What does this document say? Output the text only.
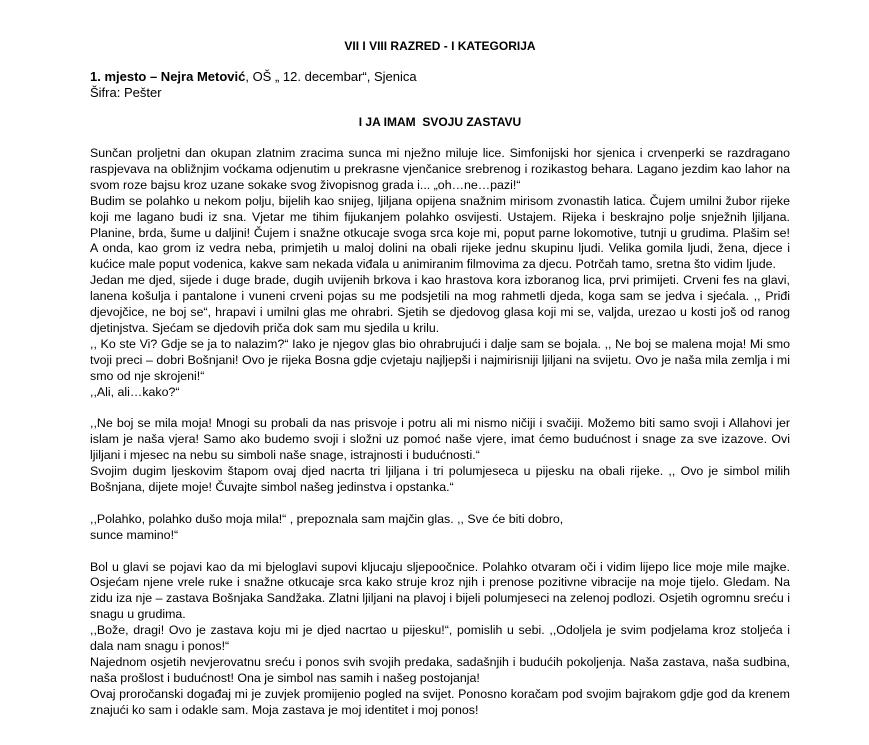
VII I VIII RAZRED - I KATEGORIJA
1. mjesto – Nejra Metović, OŠ „ 12. decembar“, Sjenica
Šifra: Pešter
I JA IMAM  SVOJU ZASTAVU

Sunčan proljetni dan okupan zlatnim zracima sunca mi nježno miluje lice. Simfonijski hor sjenica i crvenperki se razdragano raspjevava na obližnjim voćkama odjenutim u prekrasne vjenčanice srebrenog i rozikastog behara. Lagano jezdim kao lahor na svom roze bajsu kroz uzane sokake svog živopisnog grada i... „oh…ne…pazi!“

Budim se polahko u nekom polju, bijelih kao snijeg, ljiljana opijena snažnim mirisom zvonastih latica. Čujem umilni žubor rijeke koji me lagano budi iz sna. Vjetar me tihim fijukanjem polahko osvijesti. Ustajem. Rijeka i beskrajno polje snježnih ljiljana. Planine, brda, šume u daljini! Čujem i snažne otkucaje svoga srca koje mi, poput parne lokomotive, tutnji u grudima. Plašim se! A onda, kao grom iz vedra neba, primjetih u maloj dolini na obali rijeke jednu skupinu ljudi. Velika gomila ljudi, žena, djece i kućice male poput vodenica, kakve sam nekada viđala u animiranim filmovima za djecu. Potrčah tamo, sretna što vidim ljude.

Jedan me djed, sijede i duge brade, dugih uvijenih brkova i kao hrastova kora izboranog lica, prvi primijeti. Crveni fes na glavi, lanena košulja i pantalone i vuneni crveni pojas su me podsjetili na mog rahmetli djeda, koga sam se jedva i sjećala. ,, Priđi djevojčice, ne boj se“, hrapavi i umilni glas me ohrabri. Sjetih se djedovog glasa koji mi se, valjda, urezao u kosti još od ranog djetinjstva. Sjećam se djedovih priča dok sam mu sjedila u krilu.

,, Ko ste Vi? Gdje se ja to nalazim?“ Iako je njegov glas bio ohrabrujući i dalje sam se bojala. ,, Ne boj se malena moja! Mi smo tvoji preci – dobri Bošnjani! Ovo je rijeka Bosna gdje cvjetaju najljepši i najmirisniji ljiljani na svijetu. Ovo je naša mila zemlja i mi smo od nje skrojeni!“

,,Ali, ali…kako?“

,,Ne boj se mila moja! Mnogi su probali da nas prisvoje i potru ali mi nismo ničiji i svačiji. Možemo biti samo svoji i Allahovi jer islam je naša vjera! Samo ako budemo svoji i složni uz pomoć naše vjere, imat ćemo budućnost i snage za sve izazove. Ovi ljiljani i mjesec na nebu su simboli naše snage, istrajnosti i budućnosti.“

Svojim dugim ljeskovim štapom ovaj djed nacrta tri ljiljana i tri polumjeseca u pijesku na obali rijeke. ,, Ovo je simbol milih Bošnjana, dijete moje! Čuvajte simbol našeg jedinstva i opstanka.“

,,Polahko, polahko dušo moja mila!“ , prepoznala sam majčin glas. ,, Sve će biti dobro,

sunce mamino!“

Bol u glavi se pojavi kao da mi bjeloglavi supovi kljucaju sljepoočnice. Polahko otvaram oči i vidim lijepo lice moje mile majke. Osjećam njene vrele ruke i snažne otkucaje srca kako struje kroz njih i prenose pozitivne vibracije na moje tijelo. Gledam. Na zidu iza nje – zastava Bošnjaka Sandžaka. Zlatni ljiljani na plavoj i bijeli polumjeseci na zelenoj podlozi. Osjetih ogromnu sreću i snagu u grudima.

,,Bože, dragi! Ovo je zastava koju mi je djed nacrtao u pijesku!“, pomislih u sebi. ,,Odoljela je svim podjelama kroz stoljeća i dala nam snagu i ponos!“

Najednom osjetih nevjerovatnu sreću i ponos svih svojih predaka, sadašnjih i budućih pokoljenja. Naša zastava, naša sudbina, naša prošlost i budućnost! Ona je simbol nas samih i našeg postojanja!

Ovaj proročanski događaj mi je zuvjek promijenio pogled na svijet. Ponosno koračam pod svojim bajrakom gdje god da krenem znajući ko sam i odakle sam. Moja zastava je moj identitet i moj ponos!
